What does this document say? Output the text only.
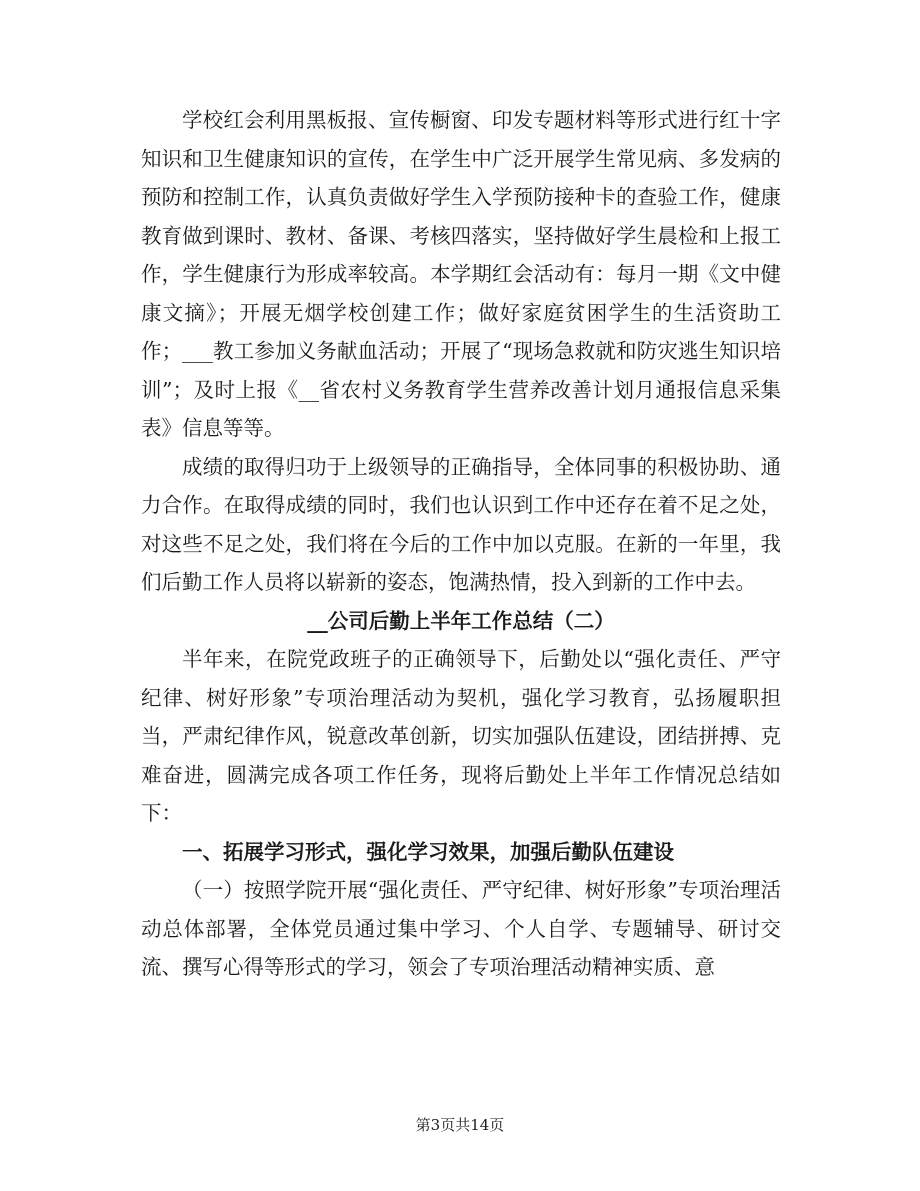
学校红会利用黑板报、宣传橱窗、印发专题材料等形式进行红十字知识和卫生健康知识的宣传，在学生中广泛开展学生常见病、多发病的预防和控制工作，认真负责做好学生入学预防接种卡的查验工作，健康教育做到课时、教材、备课、考核四落实，坚持做好学生晨检和上报工作，学生健康行为形成率较高。本学期红会活动有：每月一期《文中健康文摘》；开展无烟学校创建工作；做好家庭贫困学生的生活资助工作；___教工参加义务献血活动；开展了“现场急救就和防灾逃生知识培训”；及时上报《__省农村义务教育学生营养改善计划月通报信息采集表》信息等等。

成绩的取得归功于上级领导的正确指导，全体同事的积极协助、通力合作。在取得成绩的同时，我们也认识到工作中还存在着不足之处，对这些不足之处，我们将在今后的工作中加以克服。在新的一年里，我们后勤工作人员将以崭新的姿态，饱满热情，投入到新的工作中去。

__公司后勤上半年工作总结（二）

半年来，在院党政班子的正确领导下，后勤处以“强化责任、严守纪律、树好形象”专项治理活动为契机，强化学习教育，弘扬履职担当，严肃纪律作风，锐意改革创新，切实加强队伍建设，团结拼搏、克难奋进，圆满完成各项工作任务，现将后勤处上半年工作情况总结如下：

一、拓展学习形式，强化学习效果，加强后勤队伍建设

（一）按照学院开展“强化责任、严守纪律、树好形象”专项治理活动总体部署，全体党员通过集中学习、个人自学、专题辅导、研讨交流、撰写心得等形式的学习，领会了专项治理活动精神实质、意

第3页共14页
